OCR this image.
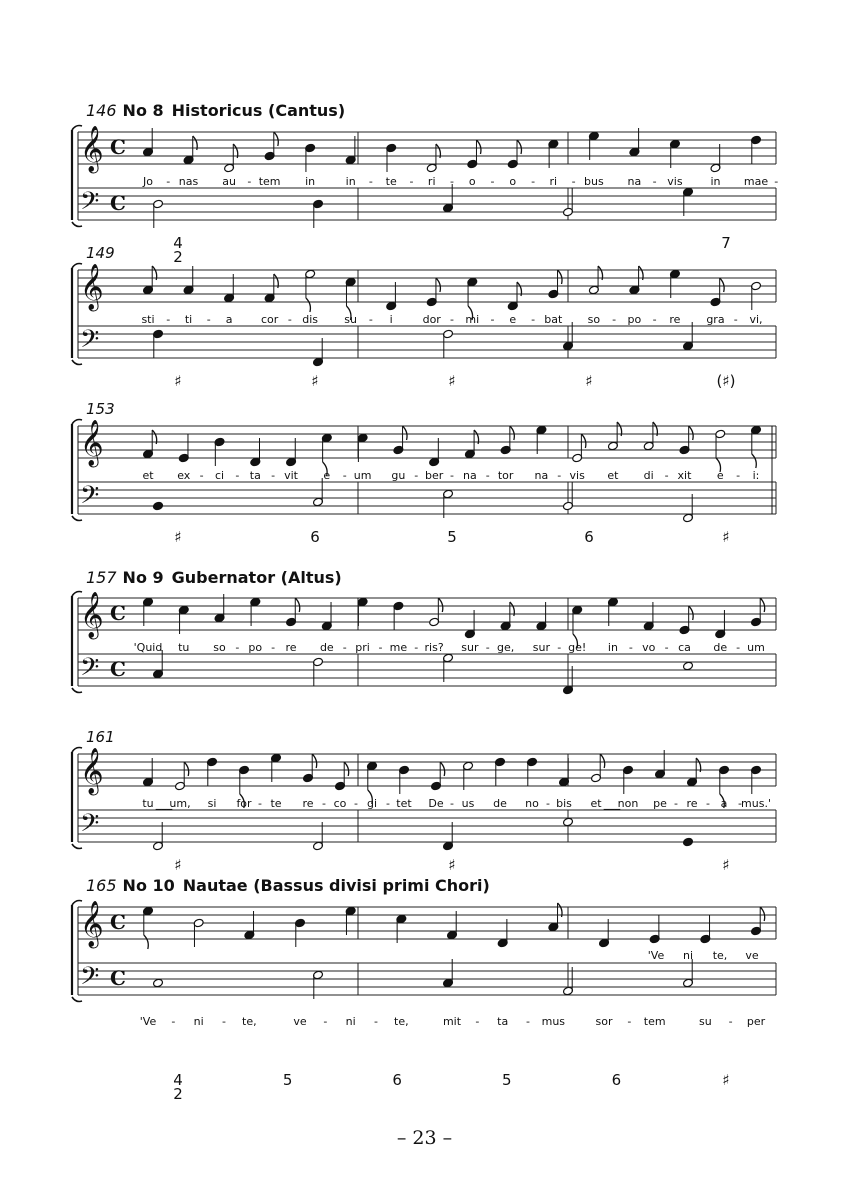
146 No 8 Historicus (Cantus)
𝄞 C
𝄢 C
Jo - nas au - tem in	in - te - ri - o - o - ri - bus na - vis	in mae -
4
2
7
149
𝄞
𝄢
sti - ti - a	cor - dis su - i	dor - mi - e - bat so - po - re gra - vi,
♯	♯	♯	♯	(♯)
153
𝄞
𝄢
et ex - ci - ta - vit e - um gu - ber - na - tor na - vis et di - xit e - i:
♯	6	5	6	♯
157 No 9 Gubernator (Altus)
𝄞 C
𝄢 C
'Quid tu so - po - re de - pri - me - ris? sur - ge, sur - ge! in - vo - ca de - um
161
𝄞
𝄢
tu ___
um, si for - te re - co - gi - tet De - us de no - bis et ___
non pe - re - a - mus.'
♯	♯	♯
165 No 10 Nautae (Bassus divisi primi Chori)
𝄞 C
𝄢 C
'Ve - ni - te,	ve - ni - te,	mit - ta - mus	sor - tem	su - per
'Ve ni te, ve
4
2
5	6	5	6	♯
– 23 –
